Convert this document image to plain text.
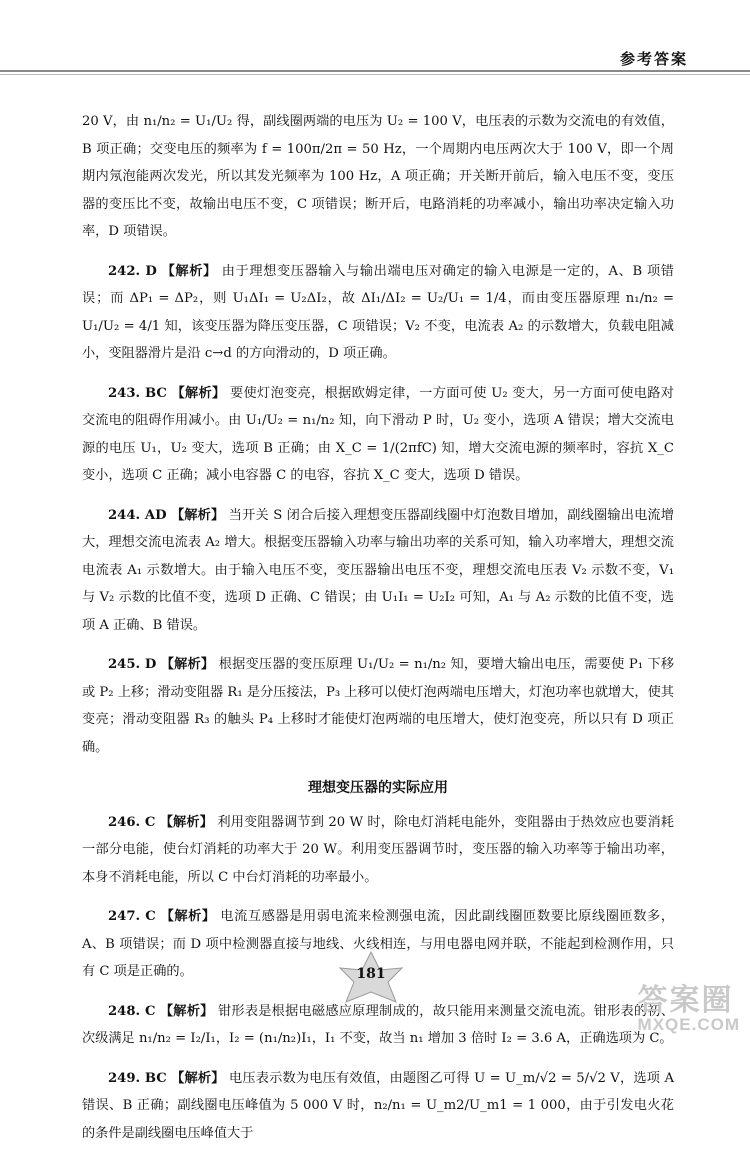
参考答案

20 V，由 n₁/n₂ = U₁/U₂ 得，副线圈两端的电压为 U₂ = 100 V，电压表的示数为交流电的有效值，B 项正确；交变电压的频率为 f = 100π/2π = 50 Hz，一个周期内电压两次大于 100 V，即一个周期内氖泡能两次发光，所以其发光频率为 100 Hz，A 项正确；开关断开前后，输入电压不变，变压器的变压比不变，故输出电压不变，C 项错误；断开后，电路消耗的功率减小，输出功率决定输入功率，D 项错误。

242. D 【解析】 由于理想变压器输入与输出端电压对确定的输入电源是一定的，A、B 项错误；而 ΔP₁ = ΔP₂，则 U₁ΔI₁ = U₂ΔI₂，故 ΔI₁/ΔI₂ = U₂/U₁ = 1/4，而由变压器原理 n₁/n₂ = U₁/U₂ = 4/1 知，该变压器为降压变压器，C 项错误；V₂ 不变，电流表 A₂ 的示数增大，负载电阻减小，变阻器滑片是沿 c→d 的方向滑动的，D 项正确。

243. BC 【解析】 要使灯泡变亮，根据欧姆定律，一方面可使 U₂ 变大，另一方面可使电路对交流电的阻碍作用减小。由 U₁/U₂ = n₁/n₂ 知，向下滑动 P 时，U₂ 变小，选项 A 错误；增大交流电源的电压 U₁，U₂ 变大，选项 B 正确；由 X_C = 1/(2πfC) 知，增大交流电源的频率时，容抗 X_C 变小，选项 C 正确；减小电容器 C 的电容，容抗 X_C 变大，选项 D 错误。

244. AD 【解析】 当开关 S 闭合后接入理想变压器副线圈中灯泡数目增加，副线圈输出电流增大，理想交流电流表 A₂ 增大。根据变压器输入功率与输出功率的关系可知，输入功率增大，理想交流电流表 A₁ 示数增大。由于输入电压不变，变压器输出电压不变，理想交流电压表 V₂ 示数不变，V₁ 与 V₂ 示数的比值不变，选项 D 正确、C 错误；由 U₁I₁ = U₂I₂ 可知，A₁ 与 A₂ 示数的比值不变，选项 A 正确、B 错误。

245. D 【解析】 根据变压器的变压原理 U₁/U₂ = n₁/n₂ 知，要增大输出电压，需要使 P₁ 下移或 P₂ 上移；滑动变阻器 R₁ 是分压接法，P₃ 上移可以使灯泡两端电压增大，灯泡功率也就增大，使其变亮；滑动变阻器 R₃ 的触头 P₄ 上移时才能使灯泡两端的电压增大，使灯泡变亮，所以只有 D 项正确。

理想变压器的实际应用

246. C 【解析】 利用变阻器调节到 20 W 时，除电灯消耗电能外，变阻器由于热效应也要消耗一部分电能，使台灯消耗的功率大于 20 W。利用变压器调节时，变压器的输入功率等于输出功率，本身不消耗电能，所以 C 中台灯消耗的功率最小。

247. C 【解析】 电流互感器是用弱电流来检测强电流，因此副线圈匝数要比原线圈匝数多，A、B 项错误；而 D 项中检测器直接与地线、火线相连，与用电器电网并联，不能起到检测作用，只有 C 项是正确的。

248. C 【解析】 钳形表是根据电磁感应原理制成的，故只能用来测量交流电流。钳形表的初、次级满足 n₁/n₂ = I₂/I₁，I₂ = (n₁/n₂)I₁，I₁ 不变，故当 n₁ 增加 3 倍时 I₂ = 3.6 A，正确选项为 C。

249. BC 【解析】 电压表示数为电压有效值，由题图乙可得 U = U_m/√2 = 5/√2 V，选项 A 错误、B 正确；副线圈电压峰值为 5 000 V 时，n₂/n₁ = U_m2/U_m1 = 1 000，由于引发电火花的条件是副线圈电压峰值大于

181
答案圈
MXQE.COM
